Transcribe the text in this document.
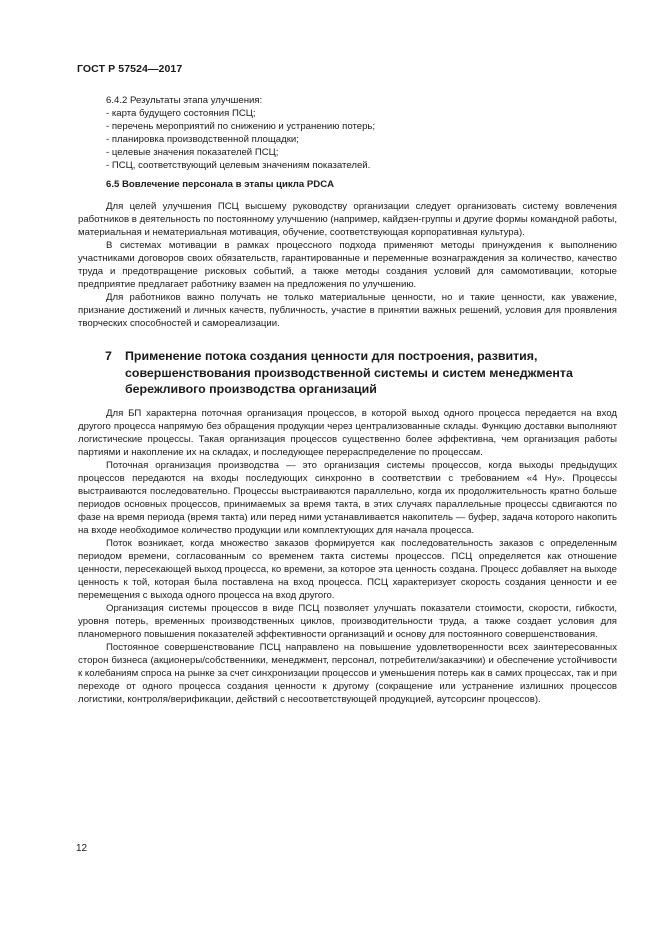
ГОСТ Р 57524—2017

6.4.2 Результаты этапа улучшения:

- карта будущего состояния ПСЦ;
- перечень мероприятий по снижению и устранению потерь;
- планировка производственной площадки;
- целевые значения показателей ПСЦ;
- ПСЦ, соответствующий целевым значениям показателей.
6.5 Вовлечение персонала в этапы цикла PDCA

Для целей улучшения ПСЦ высшему руководству организации следует организовать систему вовлечения работников в деятельность по постоянному улучшению (например, кайдзен-группы и другие формы командной работы, материальная и нематериальная мотивация, обучение, соответствующая корпоративная культура).

В системах мотивации в рамках процессного подхода применяют методы принуждения к выполнению участниками договоров своих обязательств, гарантированные и переменные вознаграждения за количество, качество труда и предотвращение рисковых событий, а также методы создания условий для самомотивации, которые предприятие предлагает работнику взамен на предложения по улучшению.

Для работников важно получать не только материальные ценности, но и такие ценности, как уважение, признание достижений и личных качеств, публичность, участие в принятии важных решений, условия для проявления творческих способностей и самореализации.

7 Применение потока создания ценности для построения, развития,
совершенствования производственной системы и систем менеджмента
бережливого производства организаций

Для БП характерна поточная организация процессов, в которой выход одного процесса передается на вход другого процесса напрямую без обращения продукции через централизованные склады. Функцию доставки выполняют логистические процессы. Такая организация процессов существенно более эффективна, чем организация работы партиями и накопление их на складах, и последующее перераспределение по процессам.

Поточная организация производства — это организация системы процессов, когда выходы предыдущих процессов передаются на входы последующих синхронно в соответствии с требованием «4 Ну». Процессы выстраиваются последовательно. Процессы выстраиваются параллельно, когда их продолжительность кратно больше периодов основных процессов, принимаемых за время такта, в этих случаях параллельные процессы сдвигаются по фазе на время периода (время такта) или перед ними устанавливается накопитель — буфер, задача которого накопить на входе необходимое количество продукции или комплектующих для начала процесса.

Поток возникает, когда множество заказов формируется как последовательность заказов с определенным периодом времени, согласованным со временем такта системы процессов. ПСЦ определяется как отношение ценности, пересекающей выход процесса, ко времени, за которое эта ценность создана. Процесс добавляет на выходе ценность к той, которая была поставлена на вход процесса. ПСЦ характеризует скорость создания ценности и ее перемещения с выхода одного процесса на вход другого.

Организация системы процессов в виде ПСЦ позволяет улучшать показатели стоимости, скорости, гибкости, уровня потерь, временных производственных циклов, производительности труда, а также создает условия для планомерного повышения показателей эффективности организаций и основу для постоянного совершенствования.

Постоянное совершенствование ПСЦ направлено на повышение удовлетворенности всех заинтересованных сторон бизнеса (акционеры/собственники, менеджмент, персонал, потребители/заказчики) и обеспечение устойчивости к колебаниям спроса на рынке за счет синхронизации процессов и уменьшения потерь как в самих процессах, так и при переходе от одного процесса создания ценности к другому (сокращение или устранение излишних процессов логистики, контроля/верификации, действий с несоответствующей продукцией, аутсорсинг процессов).

12
